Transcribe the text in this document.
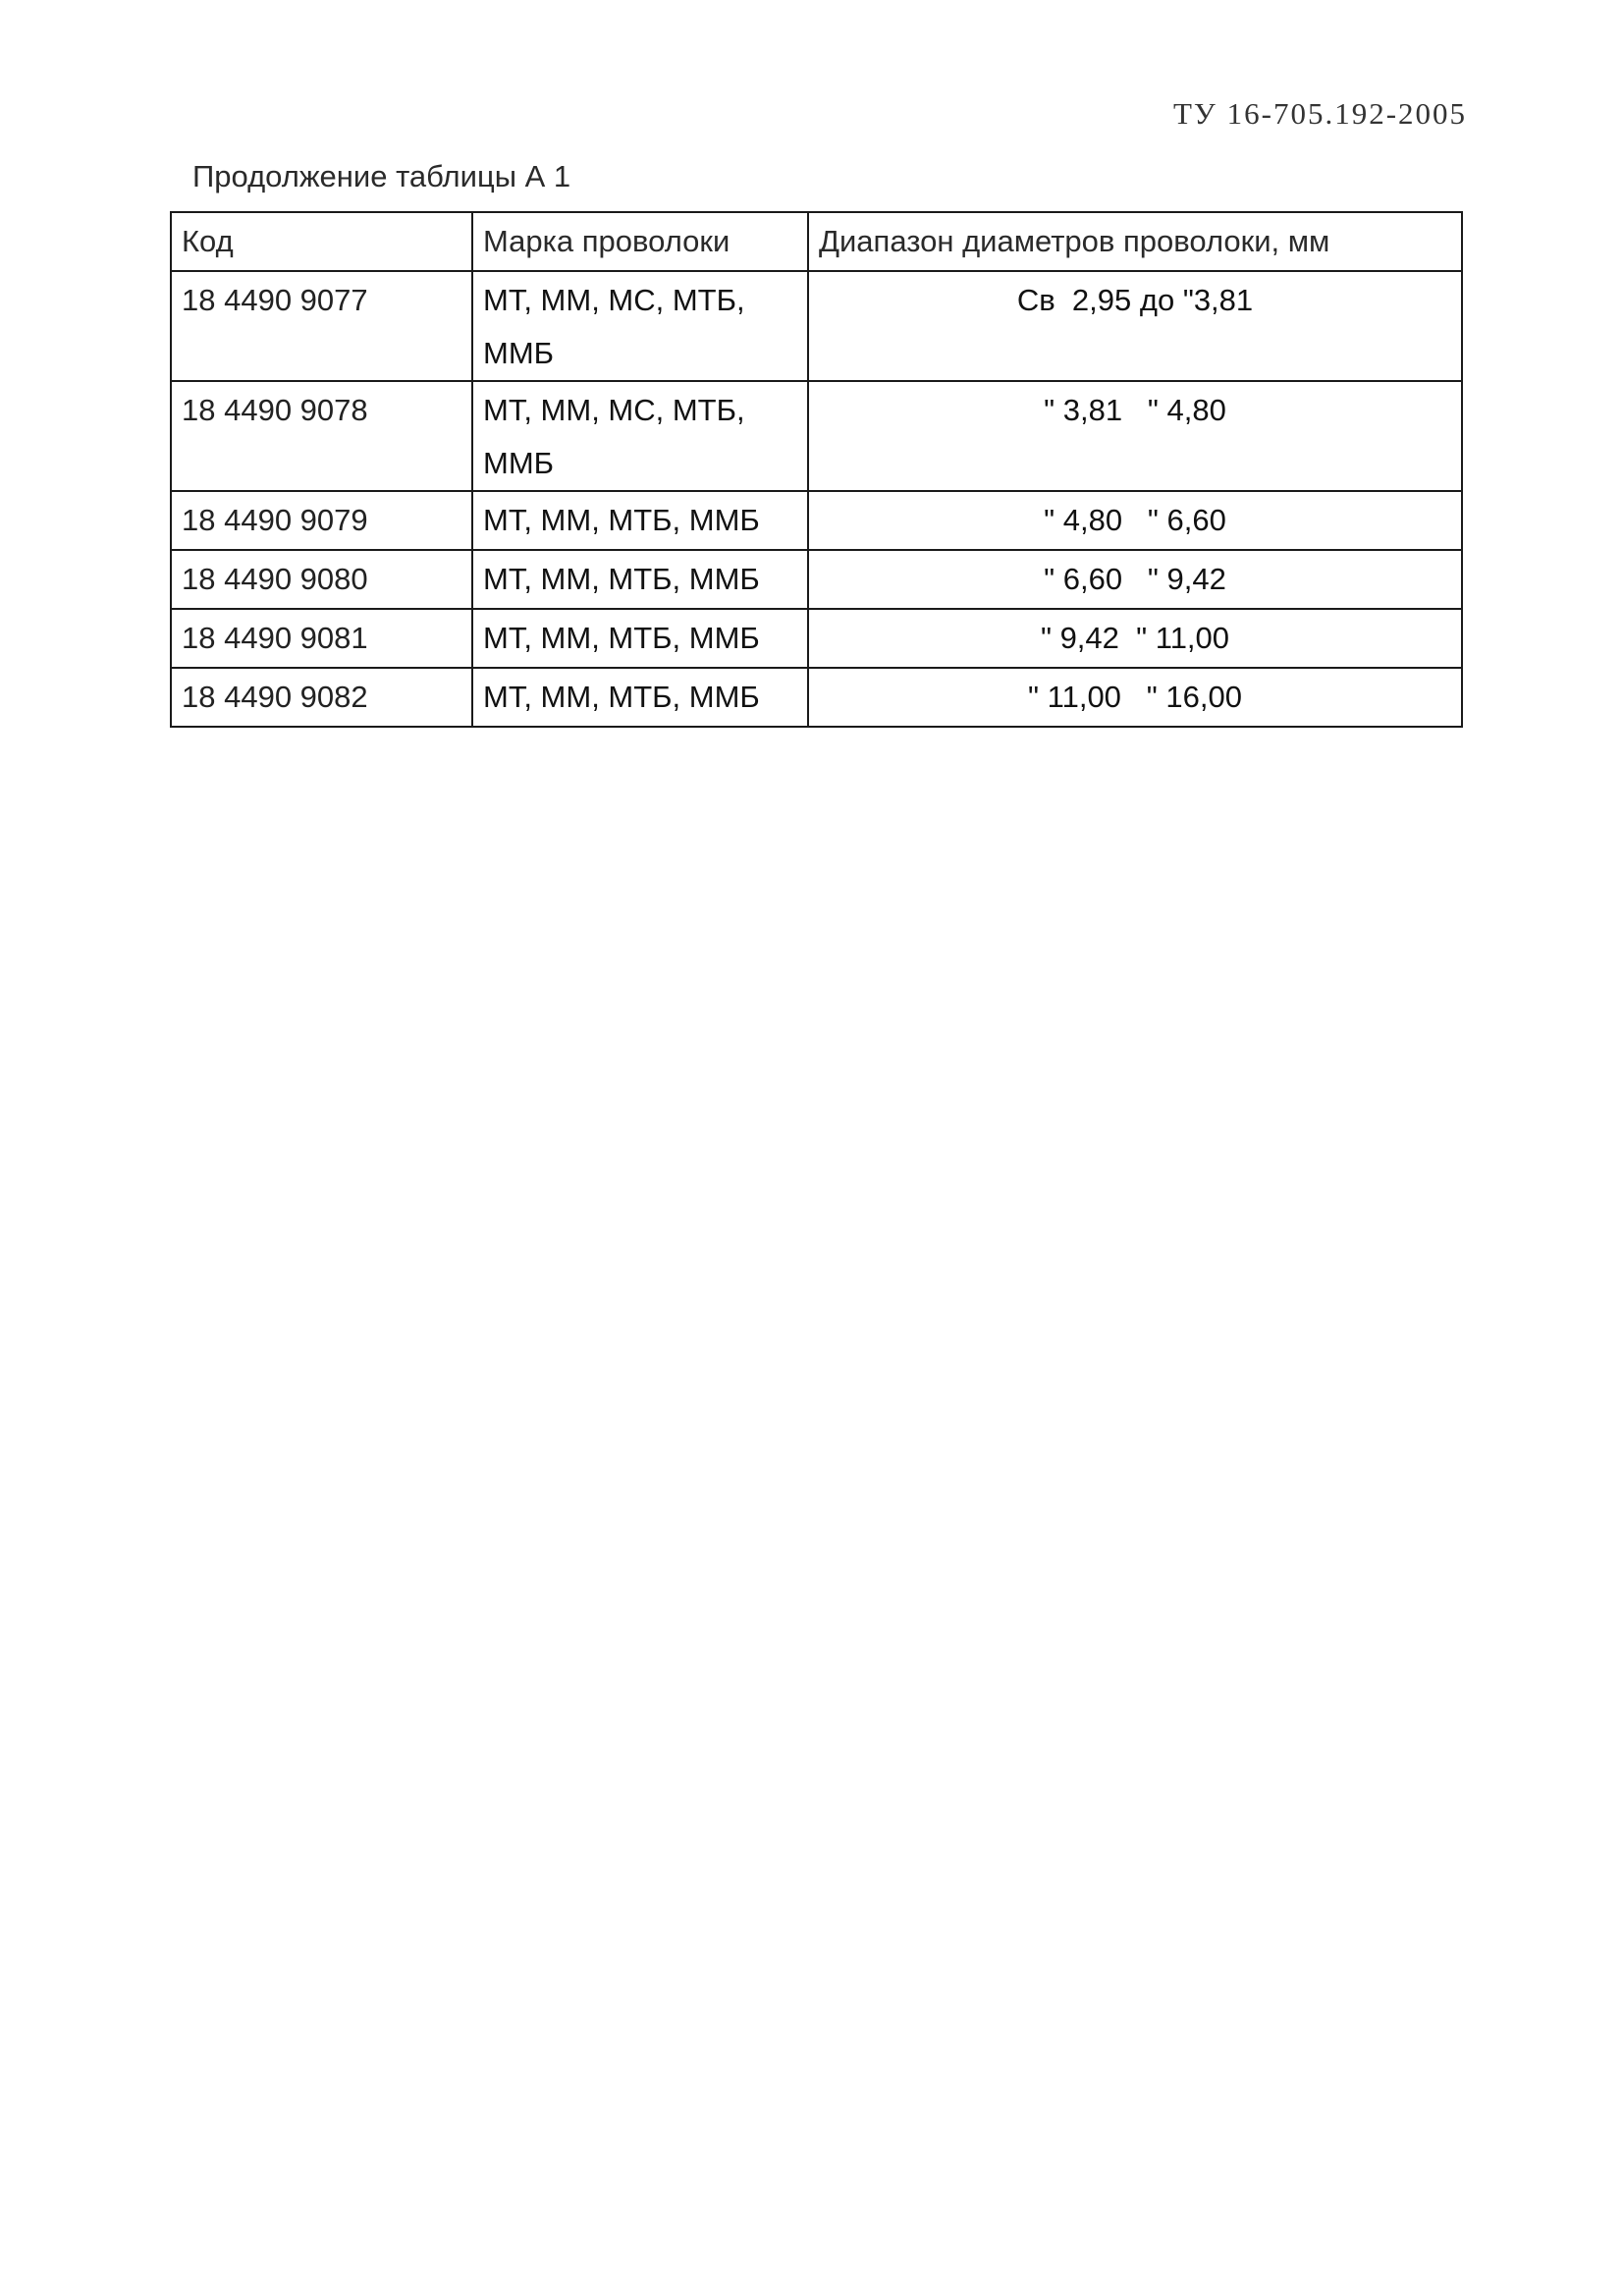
ТУ 16-705.192-2005
Продолжение таблицы А 1
Код	Марка проволоки	Диапазон диаметров проволоки, мм
18 4490 9077	МТ, ММ, МС, МТБ, ММБ	Св  2,95 до "3,81
18 4490 9078	МТ, ММ, МС, МТБ, ММБ	" 3,81   " 4,80
18 4490 9079	МТ, ММ, МТБ, ММБ	" 4,80   " 6,60
18 4490 9080	МТ, ММ, МТБ, ММБ	" 6,60   " 9,42
18 4490 9081	МТ, ММ, МТБ, ММБ	" 9,42  " 11,00
18 4490 9082	МТ, ММ, МТБ, ММБ	" 11,00   " 16,00
